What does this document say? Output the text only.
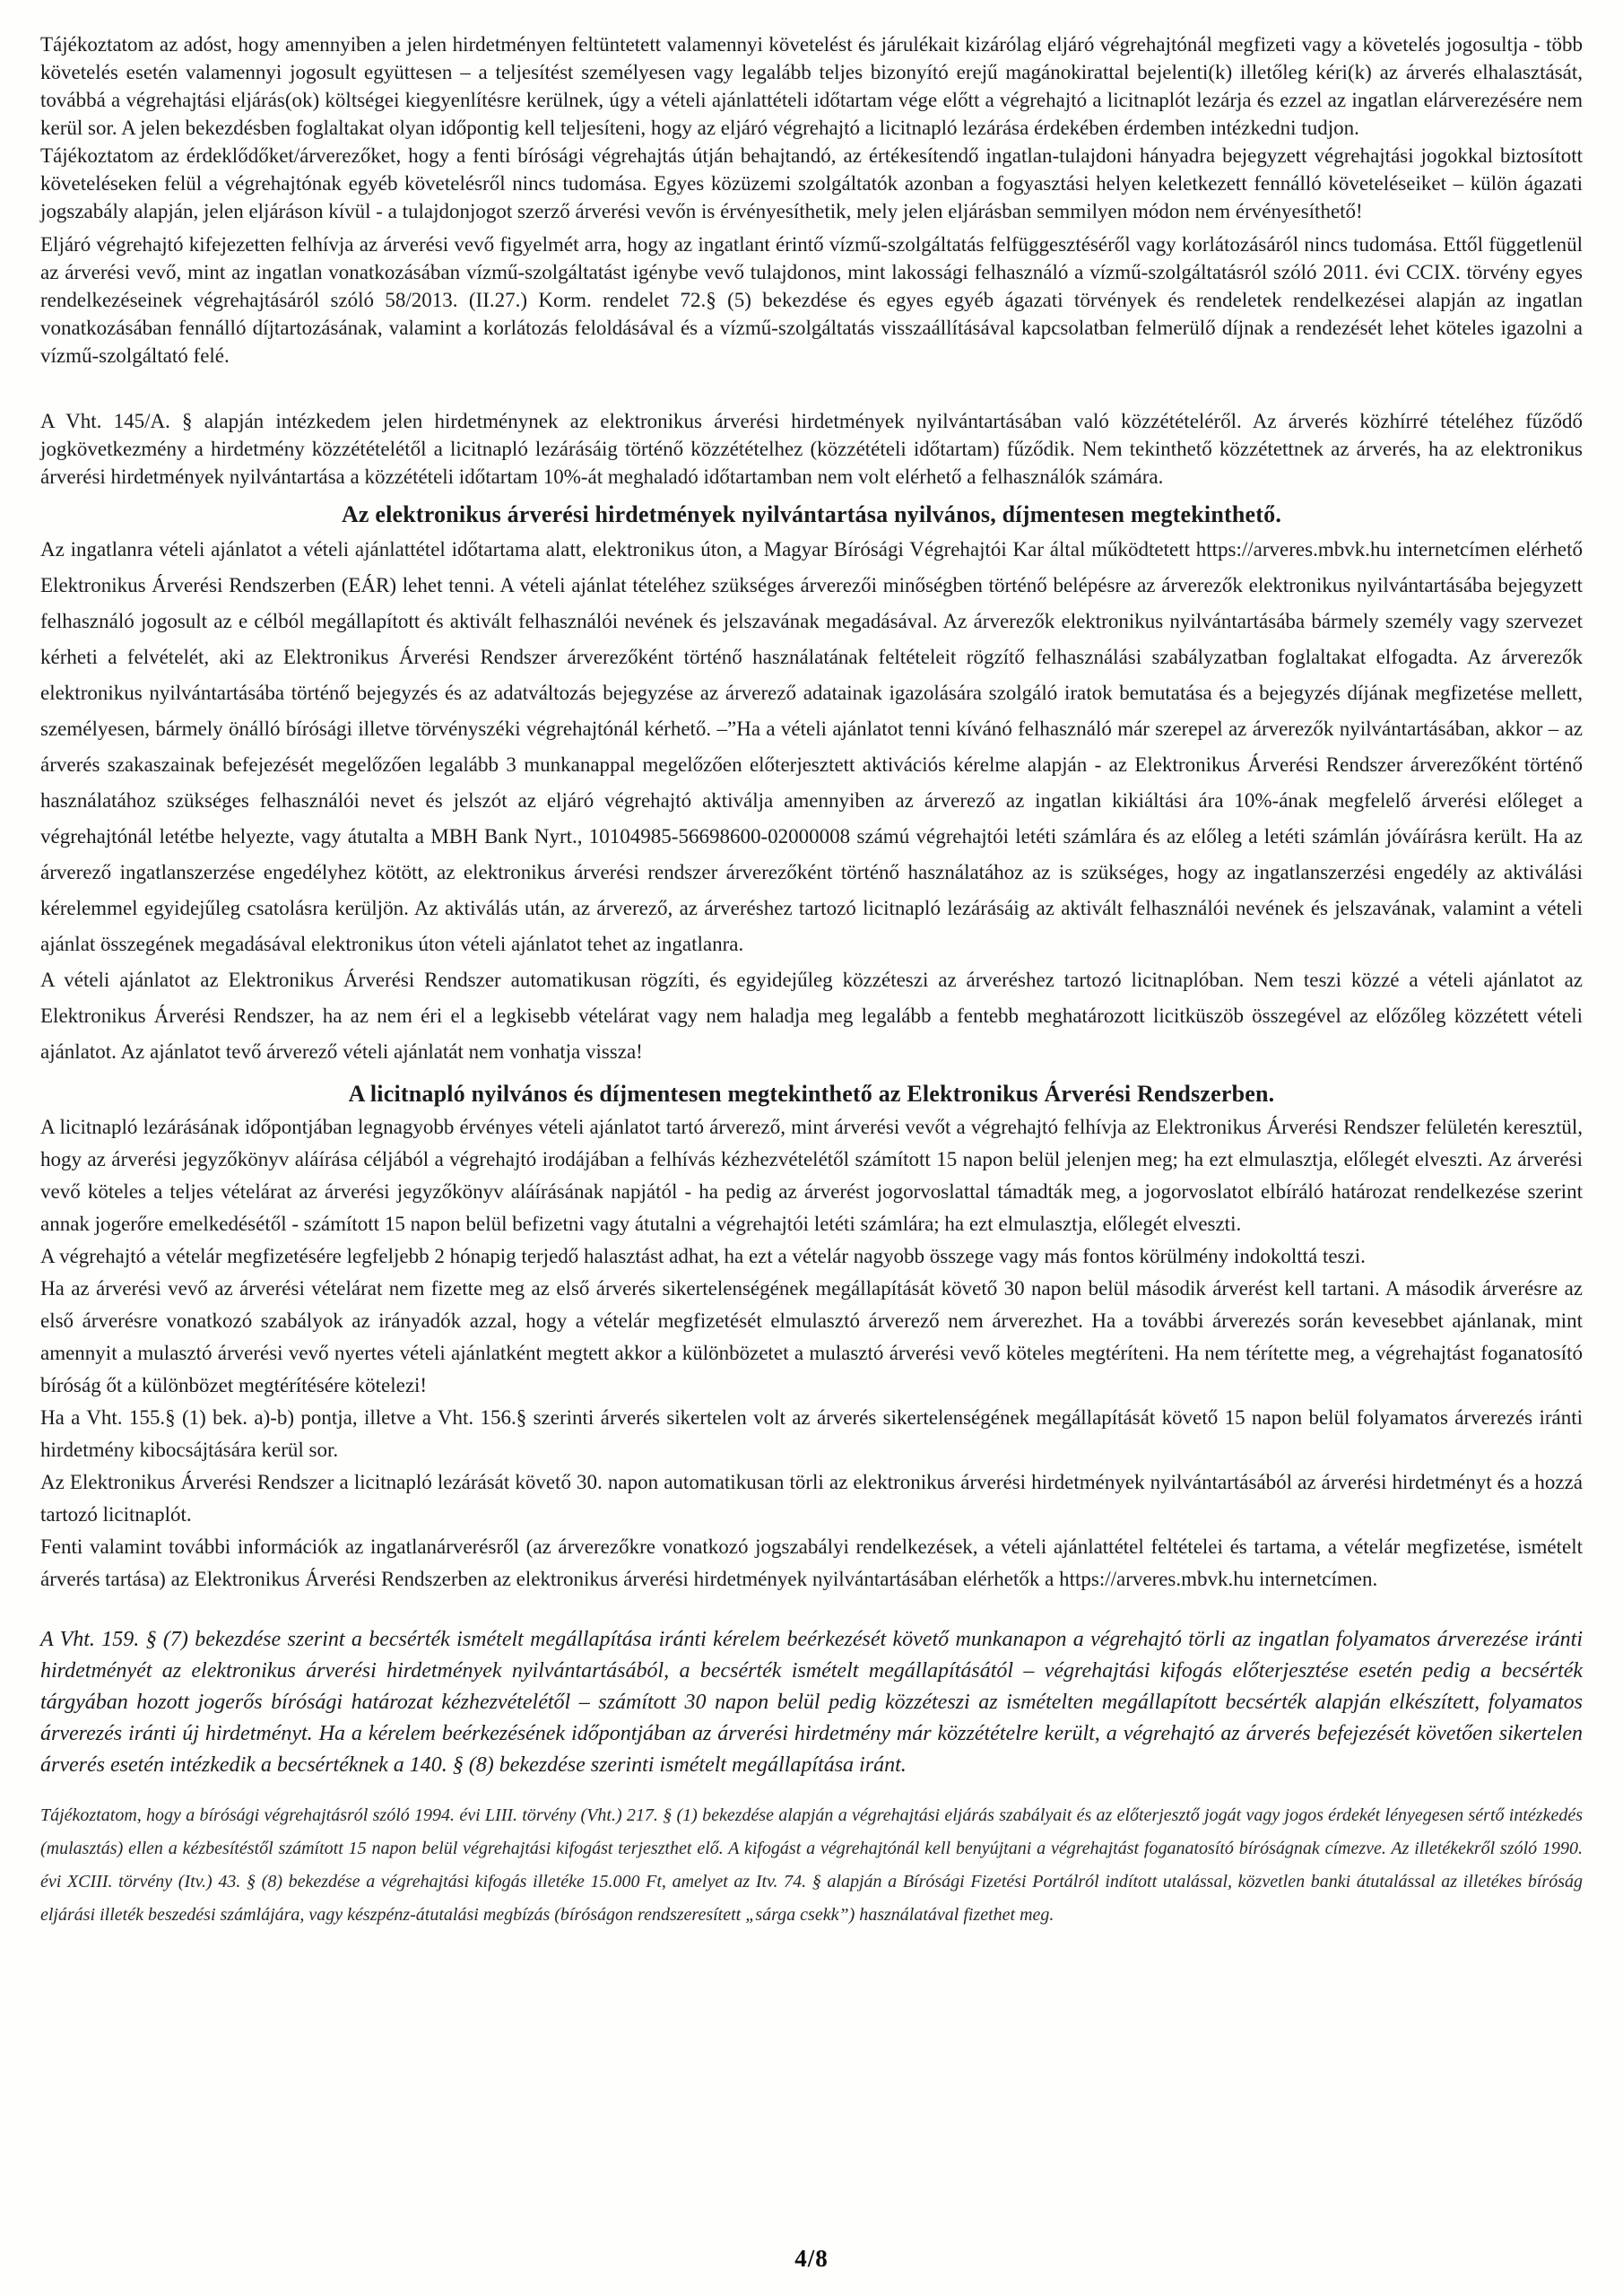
Tájékoztatom az adóst, hogy amennyiben a jelen hirdetményen feltüntetett valamennyi követelést és járulékait kizárólag eljáró végrehajtónál megfizeti vagy a követelés jogosultja - több követelés esetén valamennyi jogosult együttesen – a teljesítést személyesen vagy legalább teljes bizonyító erejű magánokirattal bejelenti(k) illetőleg kéri(k) az árverés elhalasztását, továbbá a végrehajtási eljárás(ok) költségei kiegyenlítésre kerülnek, úgy a vételi ajánlattételi időtartam vége előtt a végrehajtó a licitnaplót lezárja és ezzel az ingatlan elárverezésére nem kerül sor. A jelen bekezdésben foglaltakat olyan időpontig kell teljesíteni, hogy az eljáró végrehajtó a licitnapló lezárása érdekében érdemben intézkedni tudjon.

Tájékoztatom az érdeklődőket/árverezőket, hogy a fenti bírósági végrehajtás útján behajtandó, az értékesítendő ingatlan-tulajdoni hányadra bejegyzett végrehajtási jogokkal biztosított követeléseken felül a végrehajtónak egyéb követelésről nincs tudomása. Egyes közüzemi szolgáltatók azonban a fogyasztási helyen keletkezett fennálló követeléseiket – külön ágazati jogszabály alapján, jelen eljáráson kívül - a tulajdonjogot szerző árverési vevőn is érvényesíthetik, mely jelen eljárásban semmilyen módon nem érvényesíthető!

Eljáró végrehajtó kifejezetten felhívja az árverési vevő figyelmét arra, hogy az ingatlant érintő vízmű-szolgáltatás felfüggesztéséről vagy korlátozásáról nincs tudomása. Ettől függetlenül az árverési vevő, mint az ingatlan vonatkozásában vízmű-szolgáltatást igénybe vevő tulajdonos, mint lakossági felhasználó a vízmű-szolgáltatásról szóló 2011. évi CCIX. törvény egyes rendelkezéseinek végrehajtásáról szóló 58/2013. (II.27.) Korm. rendelet 72.§ (5) bekezdése és egyes egyéb ágazati törvények és rendeletek rendelkezései alapján az ingatlan vonatkozásában fennálló díjtartozásának, valamint a korlátozás feloldásával és a vízmű-szolgáltatás visszaállításával kapcsolatban felmerülő díjnak a rendezését lehet köteles igazolni a vízmű-szolgáltató felé.

A Vht. 145/A. § alapján intézkedem jelen hirdetménynek az elektronikus árverési hirdetmények nyilvántartásában való közzétételéről. Az árverés közhírré tételéhez fűződő jogkövetkezmény a hirdetmény közzétételétől a licitnapló lezárásáig történő közzétételhez (közzétételi időtartam) fűződik. Nem tekinthető közzétettnek az árverés, ha az elektronikus árverési hirdetmények nyilvántartása a közzétételi időtartam 10%-át meghaladó időtartamban nem volt elérhető a felhasználók számára.

Az elektronikus árverési hirdetmények nyilvántartása nyilvános, díjmentesen megtekinthető.

Az ingatlanra vételi ajánlatot a vételi ajánlattétel időtartama alatt, elektronikus úton, a Magyar Bírósági Végrehajtói Kar által működtetett https://arveres.mbvk.hu internetcímen elérhető Elektronikus Árverési Rendszerben (EÁR) lehet tenni. A vételi ajánlat tételéhez szükséges árverezői minőségben történő belépésre az árverezők elektronikus nyilvántartásába bejegyzett felhasználó jogosult az e célból megállapított és aktivált felhasználói nevének és jelszavának megadásával. Az árverezők elektronikus nyilvántartásába bármely személy vagy szervezet kérheti a felvételét, aki az Elektronikus Árverési Rendszer árverezőként történő használatának feltételeit rögzítő felhasználási szabályzatban foglaltakat elfogadta. Az árverezők elektronikus nyilvántartásába történő bejegyzés és az adatváltozás bejegyzése az árverező adatainak igazolására szolgáló iratok bemutatása és a bejegyzés díjának megfizetése mellett, személyesen, bármely önálló bírósági illetve törvényszéki végrehajtónál kérhető. –”Ha a vételi ajánlatot tenni kívánó felhasználó már szerepel az árverezők nyilvántartásában, akkor – az árverés szakaszainak befejezését megelőzően legalább 3 munkanappal megelőzően előterjesztett aktivációs kérelme alapján - az Elektronikus Árverési Rendszer árverezőként történő használatához szükséges felhasználói nevet és jelszót az eljáró végrehajtó aktiválja amennyiben az árverező az ingatlan kikiáltási ára 10%-ának megfelelő árverési előleget a végrehajtónál letétbe helyezte, vagy átutalta a MBH Bank Nyrt., 10104985-56698600-02000008 számú végrehajtói letéti számlára és az előleg a letéti számlán jóváírásra került. Ha az árverező ingatlanszerzése engedélyhez kötött, az elektronikus árverési rendszer árverezőként történő használatához az is szükséges, hogy az ingatlanszerzési engedély az aktiválási kérelemmel egyidejűleg csatolásra kerüljön. Az aktiválás után, az árverező, az árveréshez tartozó licitnapló lezárásáig az aktivált felhasználói nevének és jelszavának, valamint a vételi ajánlat összegének megadásával elektronikus úton vételi ajánlatot tehet az ingatlanra.

A vételi ajánlatot az Elektronikus Árverési Rendszer automatikusan rögzíti, és egyidejűleg közzéteszi az árveréshez tartozó licitnaplóban. Nem teszi közzé a vételi ajánlatot az Elektronikus Árverési Rendszer, ha az nem éri el a legkisebb vételárat vagy nem haladja meg legalább a fentebb meghatározott licitküszöb összegével az előzőleg közzétett vételi ajánlatot. Az ajánlatot tevő árverező vételi ajánlatát nem vonhatja vissza!

A licitnapló nyilvános és díjmentesen megtekinthető az Elektronikus Árverési Rendszerben.

A licitnapló lezárásának időpontjában legnagyobb érvényes vételi ajánlatot tartó árverező, mint árverési vevőt a végrehajtó felhívja az Elektronikus Árverési Rendszer felületén keresztül, hogy az árverési jegyzőkönyv aláírása céljából a végrehajtó irodájában a felhívás kézhezvételétől számított 15 napon belül jelenjen meg; ha ezt elmulasztja, előlegét elveszti. Az árverési vevő köteles a teljes vételárat az árverési jegyzőkönyv aláírásának napjától - ha pedig az árverést jogorvoslattal támadták meg, a jogorvoslatot elbíráló határozat rendelkezése szerint annak jogerőre emelkedésétől - számított 15 napon belül befizetni vagy átutalni a végrehajtói letéti számlára; ha ezt elmulasztja, előlegét elveszti.

A végrehajtó a vételár megfizetésére legfeljebb 2 hónapig terjedő halasztást adhat, ha ezt a vételár nagyobb összege vagy más fontos körülmény indokolttá teszi.

Ha az árverési vevő az árverési vételárat nem fizette meg az első árverés sikertelenségének megállapítását követő 30 napon belül második árverést kell tartani. A második árverésre az első árverésre vonatkozó szabályok az irányadók azzal, hogy a vételár megfizetését elmulasztó árverező nem árverezhet. Ha a további árverezés során kevesebbet ajánlanak, mint amennyit a mulasztó árverési vevő nyertes vételi ajánlatként megtett akkor a különbözetet a mulasztó árverési vevő köteles megtéríteni. Ha nem térítette meg, a végrehajtást foganatosító bíróság őt a különbözet megtérítésére kötelezi!

Ha a Vht. 155.§ (1) bek. a)-b) pontja, illetve a Vht. 156.§ szerinti árverés sikertelen volt az árverés sikertelenségének megállapítását követő 15 napon belül folyamatos árverezés iránti hirdetmény kibocsájtására kerül sor.

Az Elektronikus Árverési Rendszer a licitnapló lezárását követő 30. napon automatikusan törli az elektronikus árverési hirdetmények nyilvántartásából az árverési hirdetményt és a hozzá tartozó licitnaplót.

Fenti valamint további információk az ingatlanárverésről (az árverezőkre vonatkozó jogszabályi rendelkezések, a vételi ajánlattétel feltételei és tartama, a vételár megfizetése, ismételt árverés tartása) az Elektronikus Árverési Rendszerben az elektronikus árverési hirdetmények nyilvántartásában elérhetők a https://arveres.mbvk.hu internetcímen.

A Vht. 159. § (7) bekezdése szerint a becsérték ismételt megállapítása iránti kérelem beérkezését követő munkanapon a végrehajtó törli az ingatlan folyamatos árverezése iránti hirdetményét az elektronikus árverési hirdetmények nyilvántartásából, a becsérték ismételt megállapításától – végrehajtási kifogás előterjesztése esetén pedig a becsérték tárgyában hozott jogerős bírósági határozat kézhezvételétől – számított 30 napon belül pedig közzéteszi az ismételten megállapított becsérték alapján elkészített, folyamatos árverezés iránti új hirdetményt. Ha a kérelem beérkezésének időpontjában az árverési hirdetmény már közzétételre került, a végrehajtó az árverés befejezését követően sikertelen árverés esetén intézkedik a becsértéknek a 140. § (8) bekezdése szerinti ismételt megállapítása iránt.

Tájékoztatom, hogy a bírósági végrehajtásról szóló 1994. évi LIII. törvény (Vht.) 217. § (1) bekezdése alapján a végrehajtási eljárás szabályait és az előterjesztő jogát vagy jogos érdekét lényegesen sértő intézkedés (mulasztás) ellen a kézbesítéstől számított 15 napon belül végrehajtási kifogást terjeszthet elő. A kifogást a végrehajtónál kell benyújtani a végrehajtást foganatosító bíróságnak címezve. Az illetékekről szóló 1990. évi XCIII. törvény (Itv.) 43. § (8) bekezdése a végrehajtási kifogás illetéke 15.000 Ft, amelyet az Itv. 74. § alapján a Bírósági Fizetési Portálról indított utalással, közvetlen banki átutalással az illetékes bíróság eljárási illeték beszedési számlájára, vagy készpénz-átutalási megbízás (bíróságon rendszeresített „sárga csekk”) használatával fizethet meg.

4/8
